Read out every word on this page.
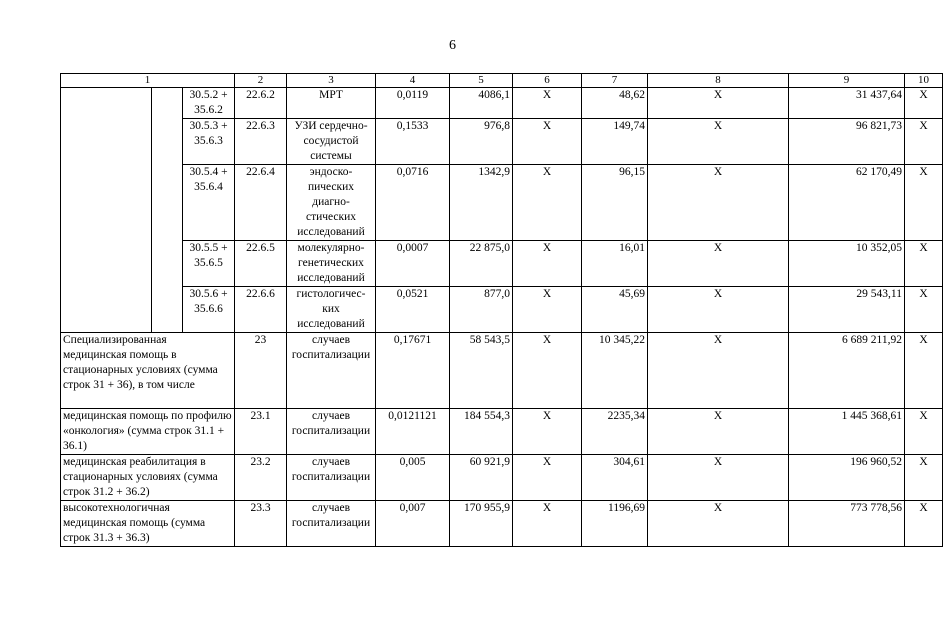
6
1			2	3	4	5	6	7	8	9	10
		30.5.2 + 35.6.2	22.6.2	МРТ	0,0119	4086,1	Х	48,62	Х	31 437,64	Х
		30.5.3 + 35.6.3	22.6.3	УЗИ сердечно-сосудистой системы	0,1533	976,8	Х	149,74	Х	96 821,73	Х
		30.5.4 + 35.6.4	22.6.4	эндоско-пических диагно-стических исследований	0,0716	1342,9	Х	96,15	Х	62 170,49	Х
		30.5.5 + 35.6.5	22.6.5	молекулярно-генетических исследований	0,0007	22 875,0	Х	16,01	Х	10 352,05	Х
		30.5.6 + 35.6.6	22.6.6	гистологичес-ких исследований	0,0521	877,0	Х	45,69	Х	29 543,11	Х
Специализированная медицинская помощь в стационарных условиях (сумма строк 31 + 36), в том числе			23	случаев госпитализации	0,17671	58 543,5	Х	10 345,22	Х	6 689 211,92	Х
медицинская помощь по профилю «онкология» (сумма строк 31.1 + 36.1)			23.1	случаев госпитализации	0,0121121	184 554,3	Х	2235,34	Х	1 445 368,61	Х
медицинская реабилитация в стационарных условиях (сумма строк 31.2 + 36.2)			23.2	случаев госпитализации	0,005	60 921,9	Х	304,61	Х	196 960,52	Х
высокотехнологичная медицинская помощь (сумма строк 31.3 + 36.3)			23.3	случаев госпитализации	0,007	170 955,9	Х	1196,69	Х	773 778,56	Х
